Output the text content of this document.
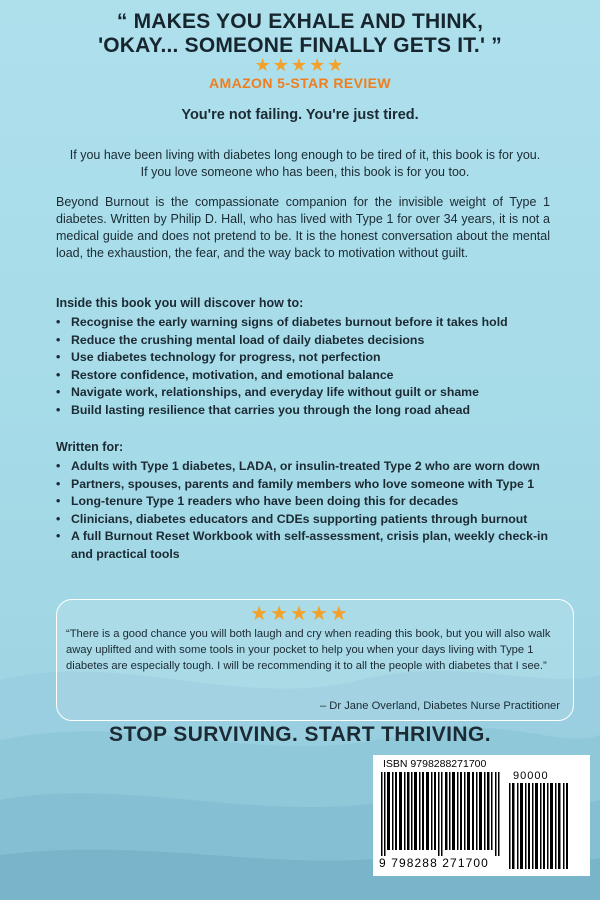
“ MAKES YOU EXHALE AND THINK,
'OKAY... SOMEONE FINALLY GETS IT.' ”
★★★★★
AMAZON 5-STAR REVIEW
You're not failing. You're just tired.
If you have been living with diabetes long enough to be tired of it, this book is for you.
If you love someone who has been, this book is for you too.

Beyond Burnout is the compassionate companion for the invisible weight of Type 1 diabetes. Written by Philip D. Hall, who has lived with Type 1 for over 34 years, it is not a medical guide and does not pretend to be. It is the honest conversation about the mental load, the exhaustion, the fear, and the way back to motivation without guilt.

Inside this book you will discover how to:

• Recognise the early warning signs of diabetes burnout before it takes hold
• Reduce the crushing mental load of daily diabetes decisions
• Use diabetes technology for progress, not perfection
• Restore confidence, motivation, and emotional balance
• Navigate work, relationships, and everyday life without guilt or shame
• Build lasting resilience that carries you through the long road ahead

Written for:

• Adults with Type 1 diabetes, LADA, or insulin-treated Type 2 who are worn down
• Partners, spouses, parents and family members who love someone with Type 1
• Long-tenure Type 1 readers who have been doing this for decades
• Clinicians, diabetes educators and CDEs supporting patients through burnout
• A full Burnout Reset Workbook with self-assessment, crisis plan, weekly check-in and practical tools
★★★★★

“There is a good chance you will both laugh and cry when reading this book, but you will also walk away uplifted and with some tools in your pocket to help you when your days living with Type 1 diabetes are especially tough. I will be recommending it to all the people with diabetes that I see.”

– Dr Jane Overland, Diabetes Nurse Practitioner
STOP SURVIVING. START THRIVING.
ISBN 9798288271700
90000
9 798288 271700
